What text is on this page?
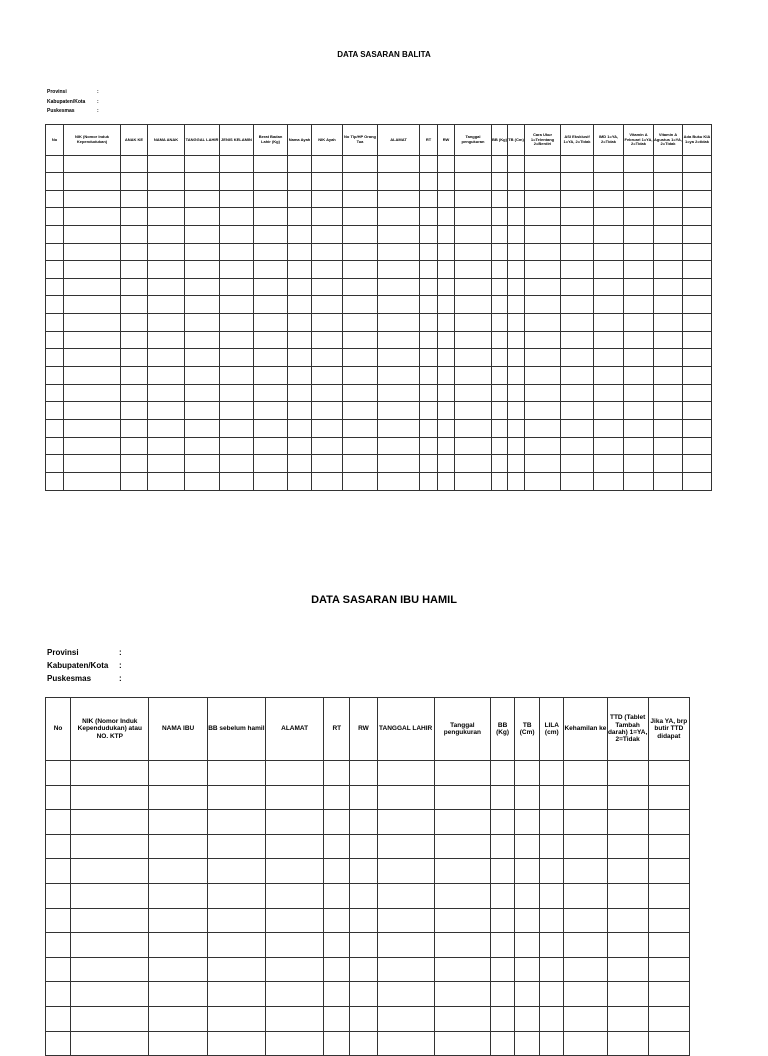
DATA SASARAN BALITA
Provinsi	:
Kabupaten/Kota	:
Puskesmas	:
No	NIK (Nomor Induk Kependudukan)	ANAK KE	NAMA ANAK	TANGGAL LAHIR	JENIS KELAMIN	Berat Badan Lahir (Kg)	Nama Ayah	NIK Ayah	No Tlp/HP Orang Tua	ALAMAT	RT	RW	Tanggal pengukuran	BB (Kg)	TB (Cm)	Cara Ukur 1=Telentang 2=Berdiri	ASI Eksklusif 1=YA, 2=Tidak	IMD 1=YA, 2=Tidak	Vitamin A Februari 1=YA, 2=Tidak	Vitamin A Agustus 1=YA, 2=Tidak	Ada Buku KIA 1=ya 2=tidak

DATA SASARAN IBU HAMIL
Provinsi	:
Kabupaten/Kota	:
Puskesmas	:
No	NIK (Nomor Induk Kependudukan) atau NO. KTP	NAMA IBU	BB sebelum hamil	ALAMAT	RT	RW	TANGGAL LAHIR	Tanggal pengukuran	BB (Kg)	TB (Cm)	LILA (cm)	Kehamilan ke	TTD (Tablet Tambah darah) 1=YA, 2=Tidak	Jika YA, brp butir TTD didapat
